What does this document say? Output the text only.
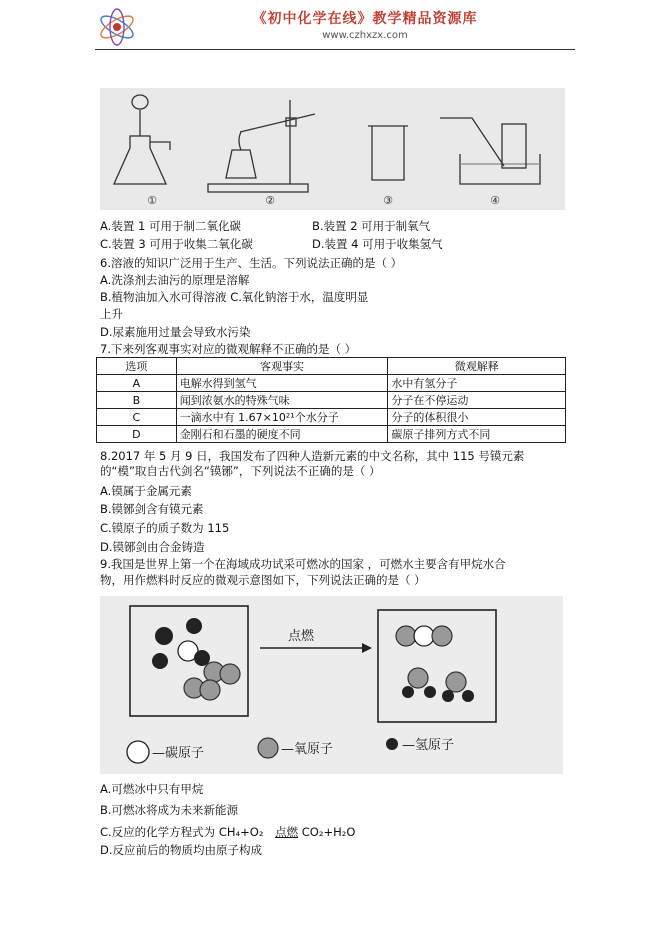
《初中化学在线》教学精品资源库
www.czhxzx.com
①	②	③	④
A.装置 1 可用于制二氧化碳	B.装置 2 可用于制氧气
C.装置 3 可用于收集二氧化碳	D.装置 4 可用于收集氢气
6.溶液的知识广泛用于生产、生活。下列说法正确的是（ ）
A.洗涤剂去油污的原理是溶解
B.植物油加入水可得溶液 C.氧化钠溶于水，温度明显
上升
D.尿素施用过量会导致水污染
7.下来列客观事实对应的微观解释不正确的是（ ）
选项	客观事实	微观解释
A	电解水得到氢气	水中有氢分子
B	闻到浓氨水的特殊气味	分子在不停运动
C	一滴水中有 1.67×10²¹个水分子	分子的体积很小
D	金刚石和石墨的硬度不同	碳原子排列方式不同
8.2017 年 5 月 9 日，我国发布了四种人造新元素的中文名称，其中 115 号镆元素
的“模”取自古代剑名“镆铘”，下列说法不正确的是（ ）
A.镆属于金属元素
B.镆铘剑含有镆元素
C.镆原子的质子数为 115
D.镆铘剑由合金铸造
9.我国是世界上第一个在海域成功试采可燃冰的国家 ，可燃水主要含有甲烷水合
物，用作燃料时反应的微观示意图如下，下列说法正确的是（ ）
点燃
—碳原子	—氧原子	—氢原子
A.可燃冰中只有甲烷
B.可燃冰将成为未来新能源
C.反应的化学方程式为 CH₄+O₂ 点燃 CO₂+H₂O
D.反应前后的物质均由原子构成
